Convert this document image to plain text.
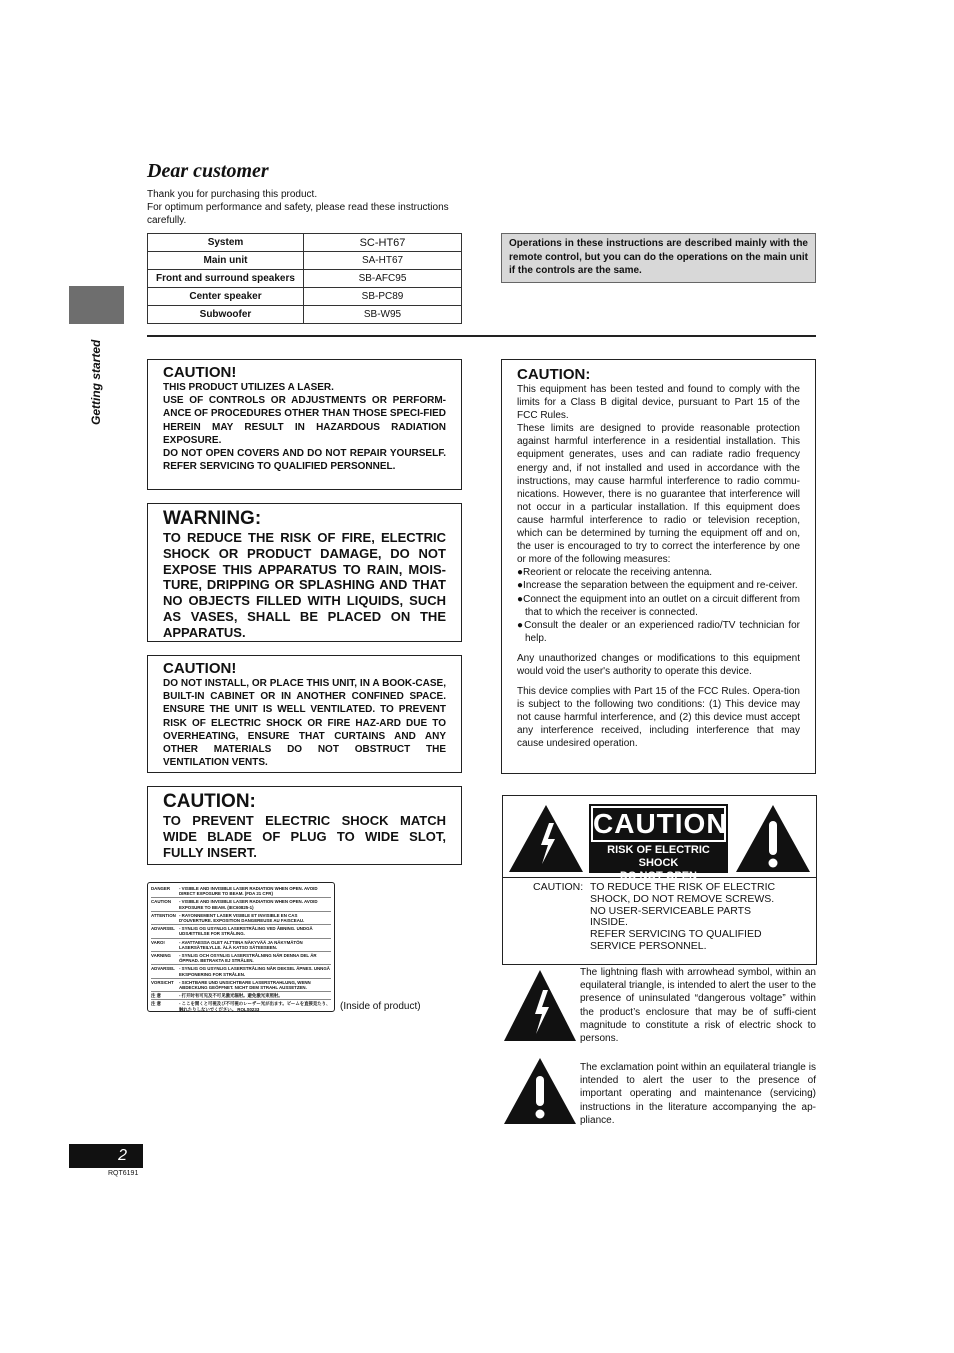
Dear customer
Thank you for purchasing this product.
For optimum performance and safety, please read these instructions carefully.
System	SC-HT67
Main unit	SA-HT67
Front and surround speakers	SB-AFC95
Center speaker	SB-PC89
Subwoofer	SB-W95
Operations in these instructions are described mainly with the remote control, but you can do the operations on the main unit if the controls are the same.
Getting started	CAUTION!
THIS PRODUCT UTILIZES A LASER.
USE OF CONTROLS OR ADJUSTMENTS OR PERFORM-ANCE OF PROCEDURES OTHER THAN THOSE SPECI-FIED HEREIN MAY RESULT IN HAZARDOUS RADIATION EXPOSURE.
DO NOT OPEN COVERS AND DO NOT REPAIR YOURSELF. REFER SERVICING TO QUALIFIED PERSONNEL.
WARNING:
TO REDUCE THE RISK OF FIRE, ELECTRIC SHOCK OR PRODUCT DAMAGE, DO NOT EXPOSE THIS APPARATUS TO RAIN, MOIS-TURE, DRIPPING OR SPLASHING AND THAT NO OBJECTS FILLED WITH LIQUIDS, SUCH AS VASES, SHALL BE PLACED ON THE APPARATUS.
CAUTION!
DO NOT INSTALL, OR PLACE THIS UNIT, IN A BOOK-CASE, BUILT-IN CABINET OR IN ANOTHER CONFINED SPACE. ENSURE THE UNIT IS WELL VENTILATED. TO PREVENT RISK OF ELECTRIC SHOCK OR FIRE HAZ-ARD DUE TO OVERHEATING, ENSURE THAT CURTAINS AND ANY OTHER MATERIALS DO NOT OBSTRUCT THE VENTILATION VENTS.
CAUTION:
TO PREVENT ELECTRIC SHOCK MATCH WIDE BLADE OF PLUG TO WIDE SLOT, FULLY INSERT.
DANGER	- VISIBLE AND INVISIBLE LASER RADIATION WHEN OPEN. AVOID DIRECT EXPOSURE TO BEAM. (FDA 21 CFR)
CAUTION	- VISIBLE AND INVISIBLE LASER RADIATION WHEN OPEN. AVOID EXPOSURE TO BEAM. (IEC60825-1)
ATTENTION - RAYONNEMENT LASER VISIBLE ET INVISIBLE EN CAS D'OUVERTURE. EXPOSITION DANGEREUSE AU FAISCEAU.
ADVARSEL - SYNLIG OG USYNLIG LASERSTRÅLING VED ÅBNING. UNDGÅ UDSÆTTELSE FOR STRÅLING.
VARO!	- AVATTAESSA OLET ALTTIINA NÄKYVÄÄ JA NÄKYMÄTÖN LASERSÄTEILYLLE. ÄLÄ KATSO SÄTEESEEN.
VARNING	- SYNLIG OCH OSYNLIG LASERSTRÅLNING NÄR DENNA DEL ÄR ÖPPNAD. BETRAKTA EJ STRÅLEN.
ADVARSEL - SYNLIG OG USYNLIG LASERSTRÅLING NÅR DEKSEL ÅPNES. UNNGÅ EKSPONERING FOR STRÅLEN.
VORSICHT	- SICHTBARE UND UNSICHTBARE LASERSTRAHLUNG, WENN ABDECKUNG GEÖFFNET. NICHT DEM STRAHL AUSSETZEN.
注 意	- 打开时有可见及不可见激光辐射。避免激光束照射。
注 意	- ここを開くと可視及び不可視のレーザー光が出ます。ビームを直接見たり、触れたりしないでください。 RQLS0233	(Inside of product)
CAUTION:

This equipment has been tested and found to comply with the limits for a Class B digital device, pursuant to Part 15 of the FCC Rules.

These limits are designed to provide reasonable protection against harmful interference in a residential installation. This equipment generates, uses and can radiate radio frequency energy and, if not installed and used in accordance with the instructions, may cause harmful interference to radio commu-nications. However, there is no guarantee that interference will not occur in a particular installation. If this equipment does cause harmful interference to radio or television reception, which can be determined by turning the equipment off and on, the user is encouraged to try to correct the interference by one or more of the following measures:

●Reorient or relocate the receiving antenna.

●Increase the separation between the equipment and re-ceiver.

●Connect the equipment into an outlet on a circuit different from that to which the receiver is connected.

●Consult the dealer or an experienced radio/TV technician for help.

Any unauthorized changes or modifications to this equipment would void the user's authority to operate this device.

This device complies with Part 15 of the FCC Rules. Opera-tion is subject to the following two conditions: (1) This device may not cause harmful interference, and (2) this device must accept any interference received, including interference that may cause undesired operation.

CAUTION
RISK OF ELECTRIC SHOCK
DO NOT OPEN
CAUTION: TO REDUCE THE RISK OF ELECTRIC
SHOCK, DO NOT REMOVE SCREWS.
NO USER-SERVICEABLE PARTS
INSIDE.
REFER SERVICING TO QUALIFIED
SERVICE PERSONNEL.
The lightning flash with arrowhead symbol, within an equilateral triangle, is intended to alert the user to the presence of uninsulated “dangerous voltage” within the product’s enclosure that may be of suffi-cient magnitude to constitute a risk of electric shock to persons.
The exclamation point within an equilateral triangle is intended to alert the user to the presence of important operating and maintenance (servicing) instructions in the literature accompanying the ap-pliance.
2
RQT6191
